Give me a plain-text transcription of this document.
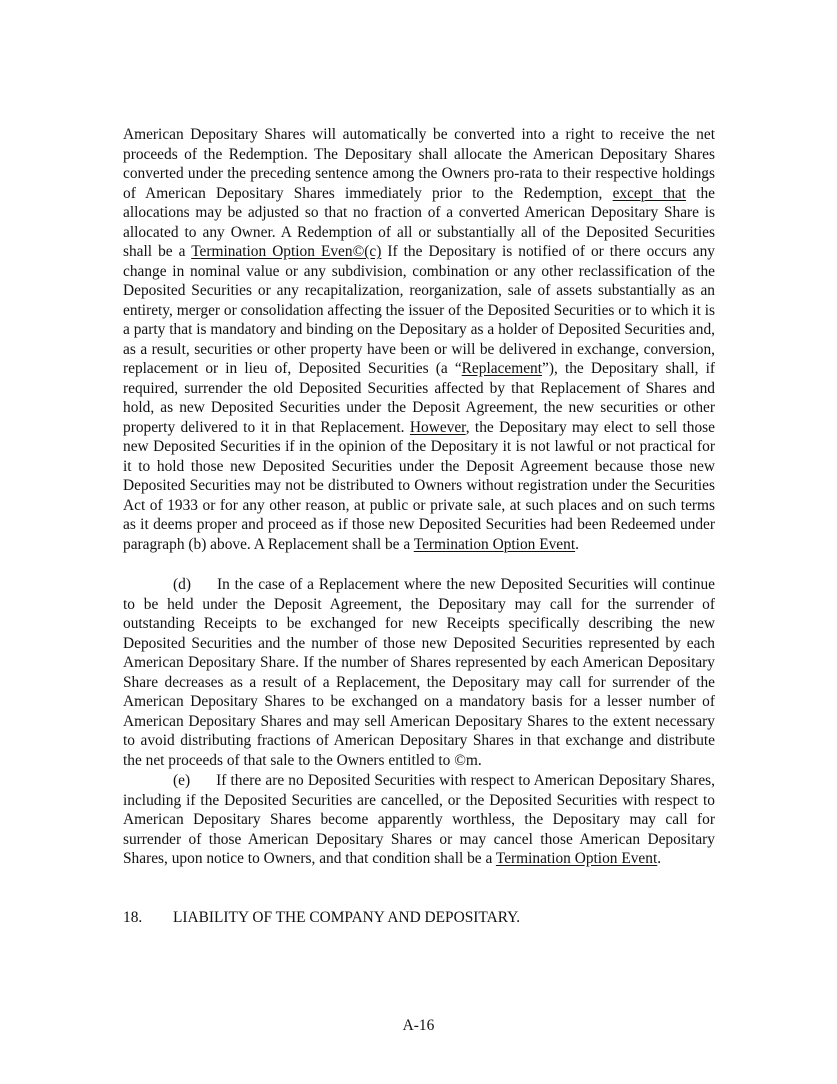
American Depositary Shares will automatically be converted into a right to receive the net proceeds of the Redemption. The Depositary shall allocate the American Depositary Shares converted under the preceding sentence among the Owners pro-rata to their respective holdings of American Depositary Shares immediately prior to the Redemption, except that the allocations may be adjusted so that no fraction of a converted American Depositary Share is allocated to any Owner. A Redemption of all or substantially all of the Deposited Securities shall be a Termination Option Even©(c) If the Depositary is notified of or there occurs any change in nominal value or any subdivision, combination or any other reclassification of the Deposited Securities or any recapitalization, reorganization, sale of assets substantially as an entirety, merger or consolidation affecting the issuer of the Deposited Securities or to which it is a party that is mandatory and binding on the Depositary as a holder of Deposited Securities and, as a result, securities or other property have been or will be delivered in exchange, conversion, replacement or in lieu of, Deposited Securities (a “Replacement”), the Depositary shall, if required, surrender the old Deposited Securities affected by that Replacement of Shares and hold, as new Deposited Securities under the Deposit Agreement, the new securities or other property delivered to it in that Replacement. However, the Depositary may elect to sell those new Deposited Securities if in the opinion of the Depositary it is not lawful or not practical for it to hold those new Deposited Securities under the Deposit Agreement because those new Deposited Securities may not be distributed to Owners without registration under the Securities Act of 1933 or for any other reason, at public or private sale, at such places and on such terms as it deems proper and proceed as if those new Deposited Securities had been Redeemed under paragraph (b) above. A Replacement shall be a Termination Option Event.

(d) In the case of a Replacement where the new Deposited Securities will continue to be held under the Deposit Agreement, the Depositary may call for the surrender of outstanding Receipts to be exchanged for new Receipts specifically describing the new Deposited Securities and the number of those new Deposited Securities represented by each American Depositary Share. If the number of Shares represented by each American Depositary Share decreases as a result of a Replacement, the Depositary may call for surrender of the American Depositary Shares to be exchanged on a mandatory basis for a lesser number of American Depositary Shares and may sell American Depositary Shares to the extent necessary to avoid distributing fractions of American Depositary Shares in that exchange and distribute the net proceeds of that sale to the Owners entitled to ©m.

(e) If there are no Deposited Securities with respect to American Depositary Shares, including if the Deposited Securities are cancelled, or the Deposited Securities with respect to American Depositary Shares become apparently worthless, the Depositary may call for surrender of those American Depositary Shares or may cancel those American Depositary Shares, upon notice to Owners, and that condition shall be a Termination Option Event.

18. LIABILITY OF THE COMPANY AND DEPOSITARY.

A-16
